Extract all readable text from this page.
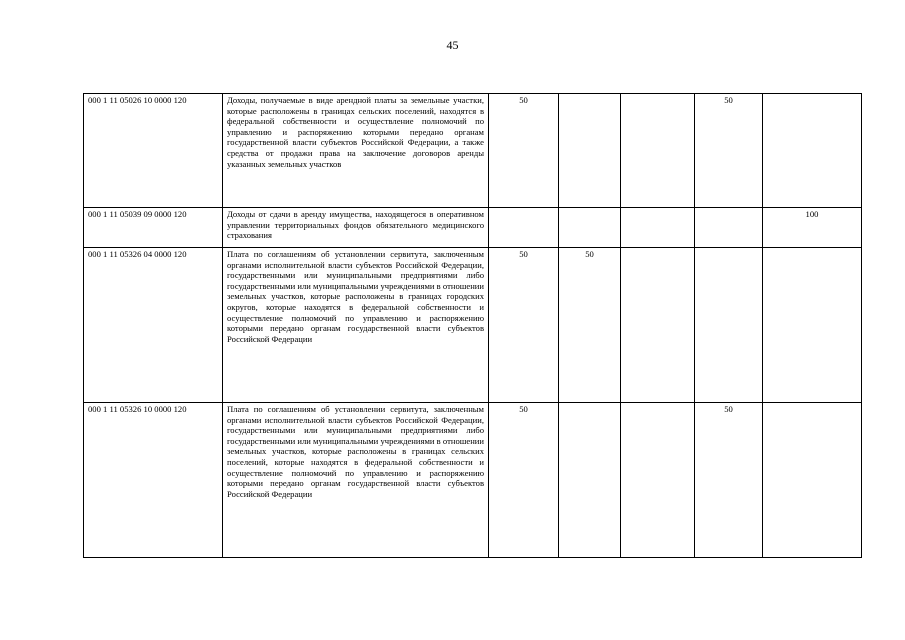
45
000 1 11 05026 10 0000 120	Доходы, получаемые в виде арендной платы за земельные участки, которые расположены в границах сельских поселений, находятся в федеральной собственности и осуществление полномочий по управлению и распоряжению которыми передано органам государственной власти субъектов Российской Федерации, а также средства от продажи права на заключение договоров аренды указанных земельных участков	50			50	
000 1 11 05039 09 0000 120	Доходы от сдачи в аренду имущества, находящегося в оперативном управлении территориальных фондов обязательного медицинского страхования					100
000 1 11 05326 04 0000 120	Плата по соглашениям об установлении сервитута, заключенным органами исполнительной власти субъектов Российской Федерации, государственными или муниципальными предприятиями либо государственными или муниципальными учреждениями в отношении земельных участков, которые расположены в границах городских округов, которые находятся в федеральной собственности и осуществление полномочий по управлению и распоряжению которыми передано органам государственной власти субъектов Российской Федерации	50	50			
000 1 11 05326 10 0000 120	Плата по соглашениям об установлении сервитута, заключенным органами исполнительной власти субъектов Российской Федерации, государственными или муниципальными предприятиями либо государственными или муниципальными учреждениями в отношении земельных участков, которые расположены в границах сельских поселений, которые находятся в федеральной собственности и осуществление полномочий по управлению и распоряжению которыми передано органам государственной власти субъектов Российской Федерации	50			50	
